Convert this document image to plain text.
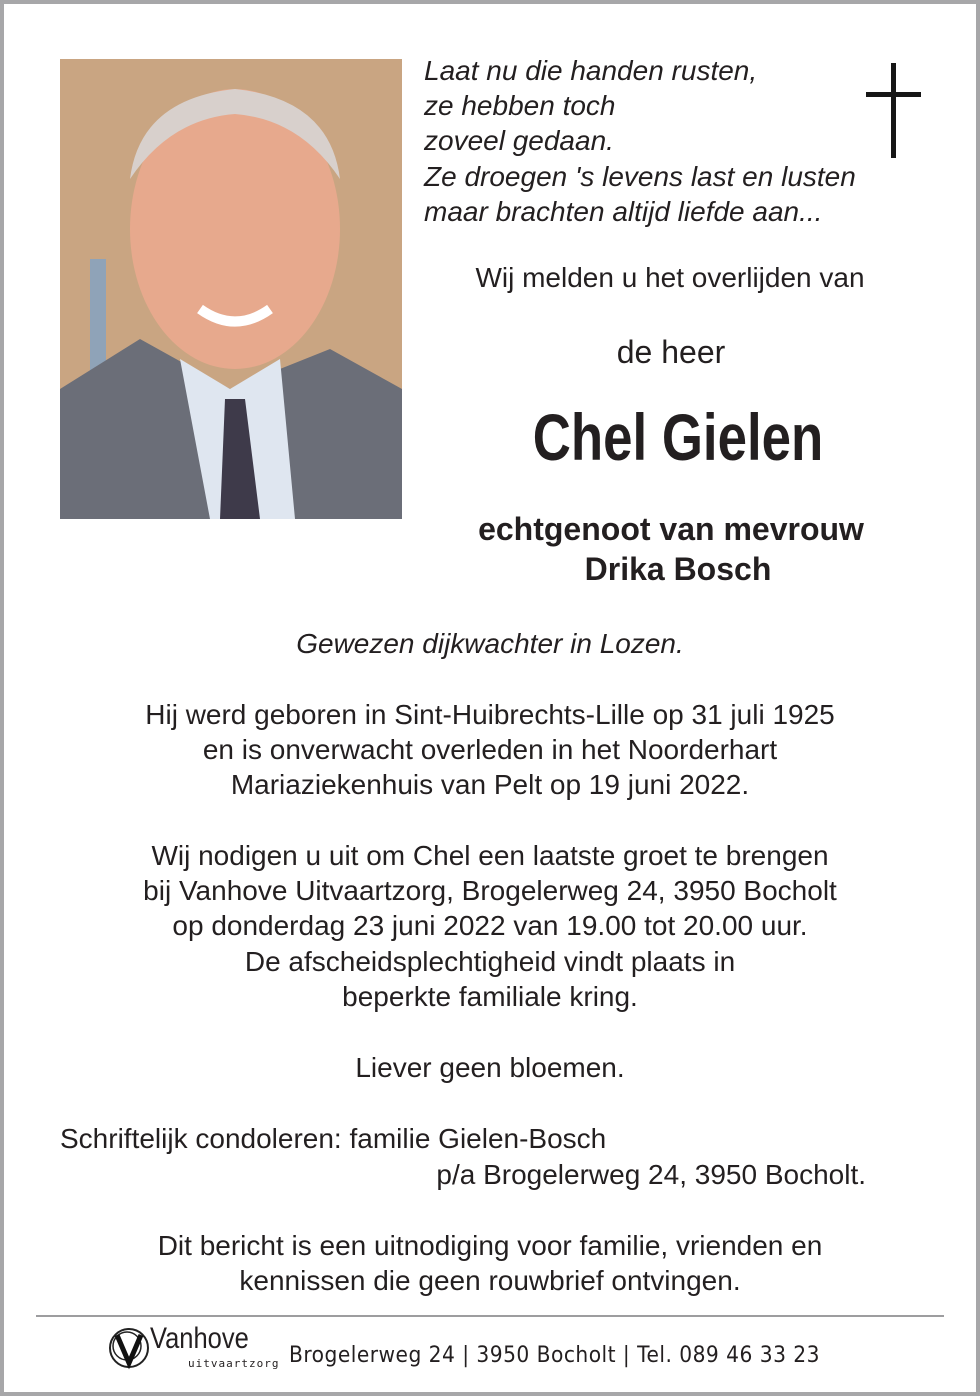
Laat nu die handen rusten,
ze hebben toch
zoveel gedaan.
Ze droegen 's levens last en lusten
maar brachten altijd liefde aan...
Wij melden u het overlijden van
de heer
Chel Gielen
echtgenoot van mevrouw
Drika Bosch
Gewezen dijkwachter in Lozen.
Hij werd geboren in Sint-Huibrechts-Lille op 31 juli 1925
en is onverwacht overleden in het Noorderhart
Mariaziekenhuis van Pelt op 19 juni 2022.
Wij nodigen u uit om Chel een laatste groet te brengen
bij Vanhove Uitvaartzorg, Brogelerweg 24, 3950 Bocholt
op donderdag 23 juni 2022 van 19.00 tot 20.00 uur.
De afscheidsplechtigheid vindt plaats in
beperkte familiale kring.
Liever geen bloemen.
Schriftelijk condoleren: familie Gielen-Bosch
p/a Brogelerweg 24, 3950 Bocholt.
Dit bericht is een uitnodiging voor familie, vrienden en
kennissen die geen rouwbrief ontvingen.
Vanhove
uitvaartzorg Brogelerweg 24 | 3950 Bocholt | Tel. 089 46 33 23
